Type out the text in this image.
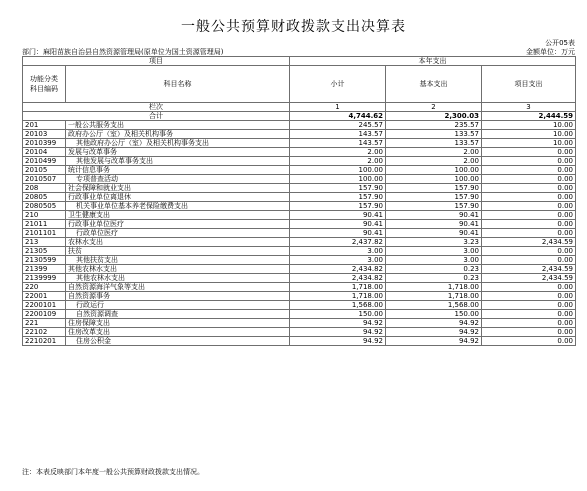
一般公共预算财政拨款支出决算表
公开05表
部门：麻阳苗族自治县自然资源管理局(原单位为国土资源管理局)	金额单位：万元
项目		本年支出		
功能分类
科目编码	科目名称	小计	基本支出	项目支出
栏次		1	2	3
合计		4,744.62	2,300.03	2,444.59
201	一般公共服务支出	245.57	235.57	10.00
20103	政府办公厅（室）及相关机构事务	143.57	133.57	10.00
2010399	其他政府办公厅（室）及相关机构事务支出	143.57	133.57	10.00
20104	发展与改革事务	2.00	2.00	0.00
2010499	其他发展与改革事务支出	2.00	2.00	0.00
20105	统计信息事务	100.00	100.00	0.00
2010507	专项普查活动	100.00	100.00	0.00
208	社会保障和就业支出	157.90	157.90	0.00
20805	行政事业单位离退休	157.90	157.90	0.00
2080505	机关事业单位基本养老保险缴费支出	157.90	157.90	0.00
210	卫生健康支出	90.41	90.41	0.00
21011	行政事业单位医疗	90.41	90.41	0.00
2101101	行政单位医疗	90.41	90.41	0.00
213	农林水支出	2,437.82	3.23	2,434.59
21305	扶贫	3.00	3.00	0.00
2130599	其他扶贫支出	3.00	3.00	0.00
21399	其他农林水支出	2,434.82	0.23	2,434.59
2139999	其他农林水支出	2,434.82	0.23	2,434.59
220	自然资源海洋气象等支出	1,718.00	1,718.00	0.00
22001	自然资源事务	1,718.00	1,718.00	0.00
2200101	行政运行	1,568.00	1,568.00	0.00
2200109	自然资源调查	150.00	150.00	0.00
221	住房保障支出	94.92	94.92	0.00
22102	住房改革支出	94.92	94.92	0.00
2210201	住房公积金	94.92	94.92	0.00
注：本表反映部门本年度一般公共预算财政拨款支出情况。
